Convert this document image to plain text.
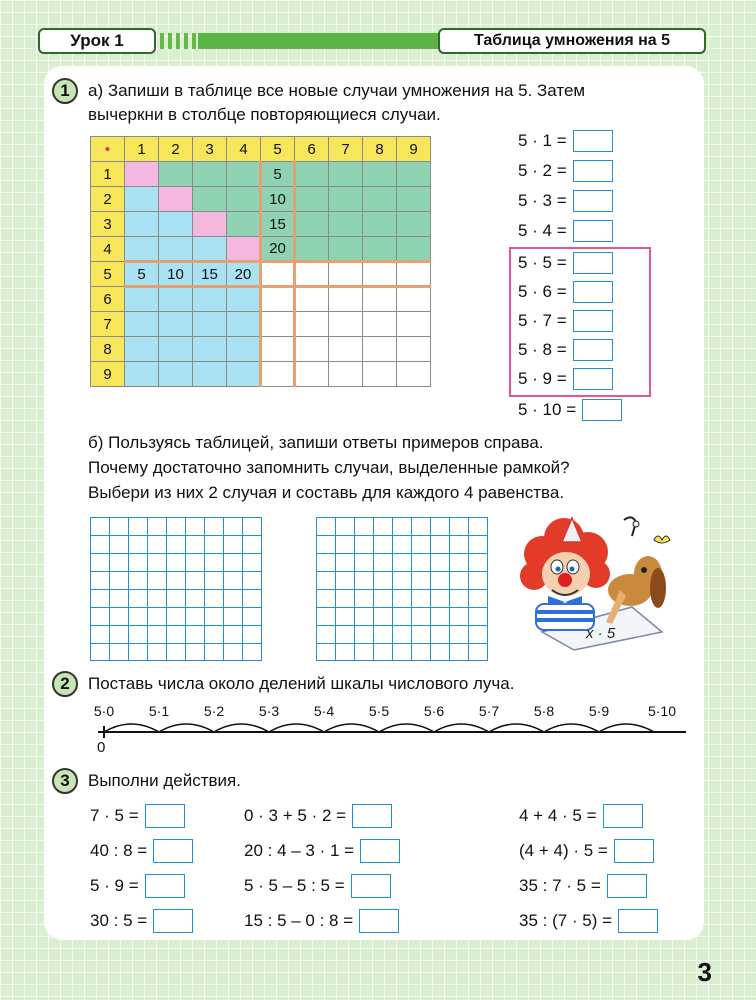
Урок 1	Таблица умножения на 5
1	а) Запиши в таблице все новые случаи умножения на 5. Затем
вычеркни в столбце повторяющиеся случаи.
•	1	2	3	4	5	6	7	8	9
1					5				
2					10				
3					15				
4					20				
5	5	10	15	20					
6									
7									
8									
9									
5 · 1 =
5 · 2 =
5 · 3 =
5 · 4 =
5 · 5 =
5 · 6 =
5 · 7 =
5 · 8 =
5 · 9 =
5 · 10 =
б) Пользуясь таблицей, запиши ответы примеров справа.
Почему достаточно запомнить случаи, выделенные рамкой?
Выбери из них 2 случая и составь для каждого 4 равенства.
x · 5
2	Поставь числа около делений шкалы числового луча.
5·0 5·1 5·2 5·3 5·4 5·5 5·6 5·7 5·8 5·9	5·10
0
3	Выполни действия.
7 · 5 =
40 : 8 =
5 · 9 =
30 : 5 =
0 · 3 + 5 · 2 =
20 : 4 – 3 · 1 =
5 · 5 – 5 : 5 =
15 : 5 – 0 : 8 =
4 + 4 · 5 =
(4 + 4) · 5 =
35 : 7 · 5 =
35 : (7 · 5) =
3
